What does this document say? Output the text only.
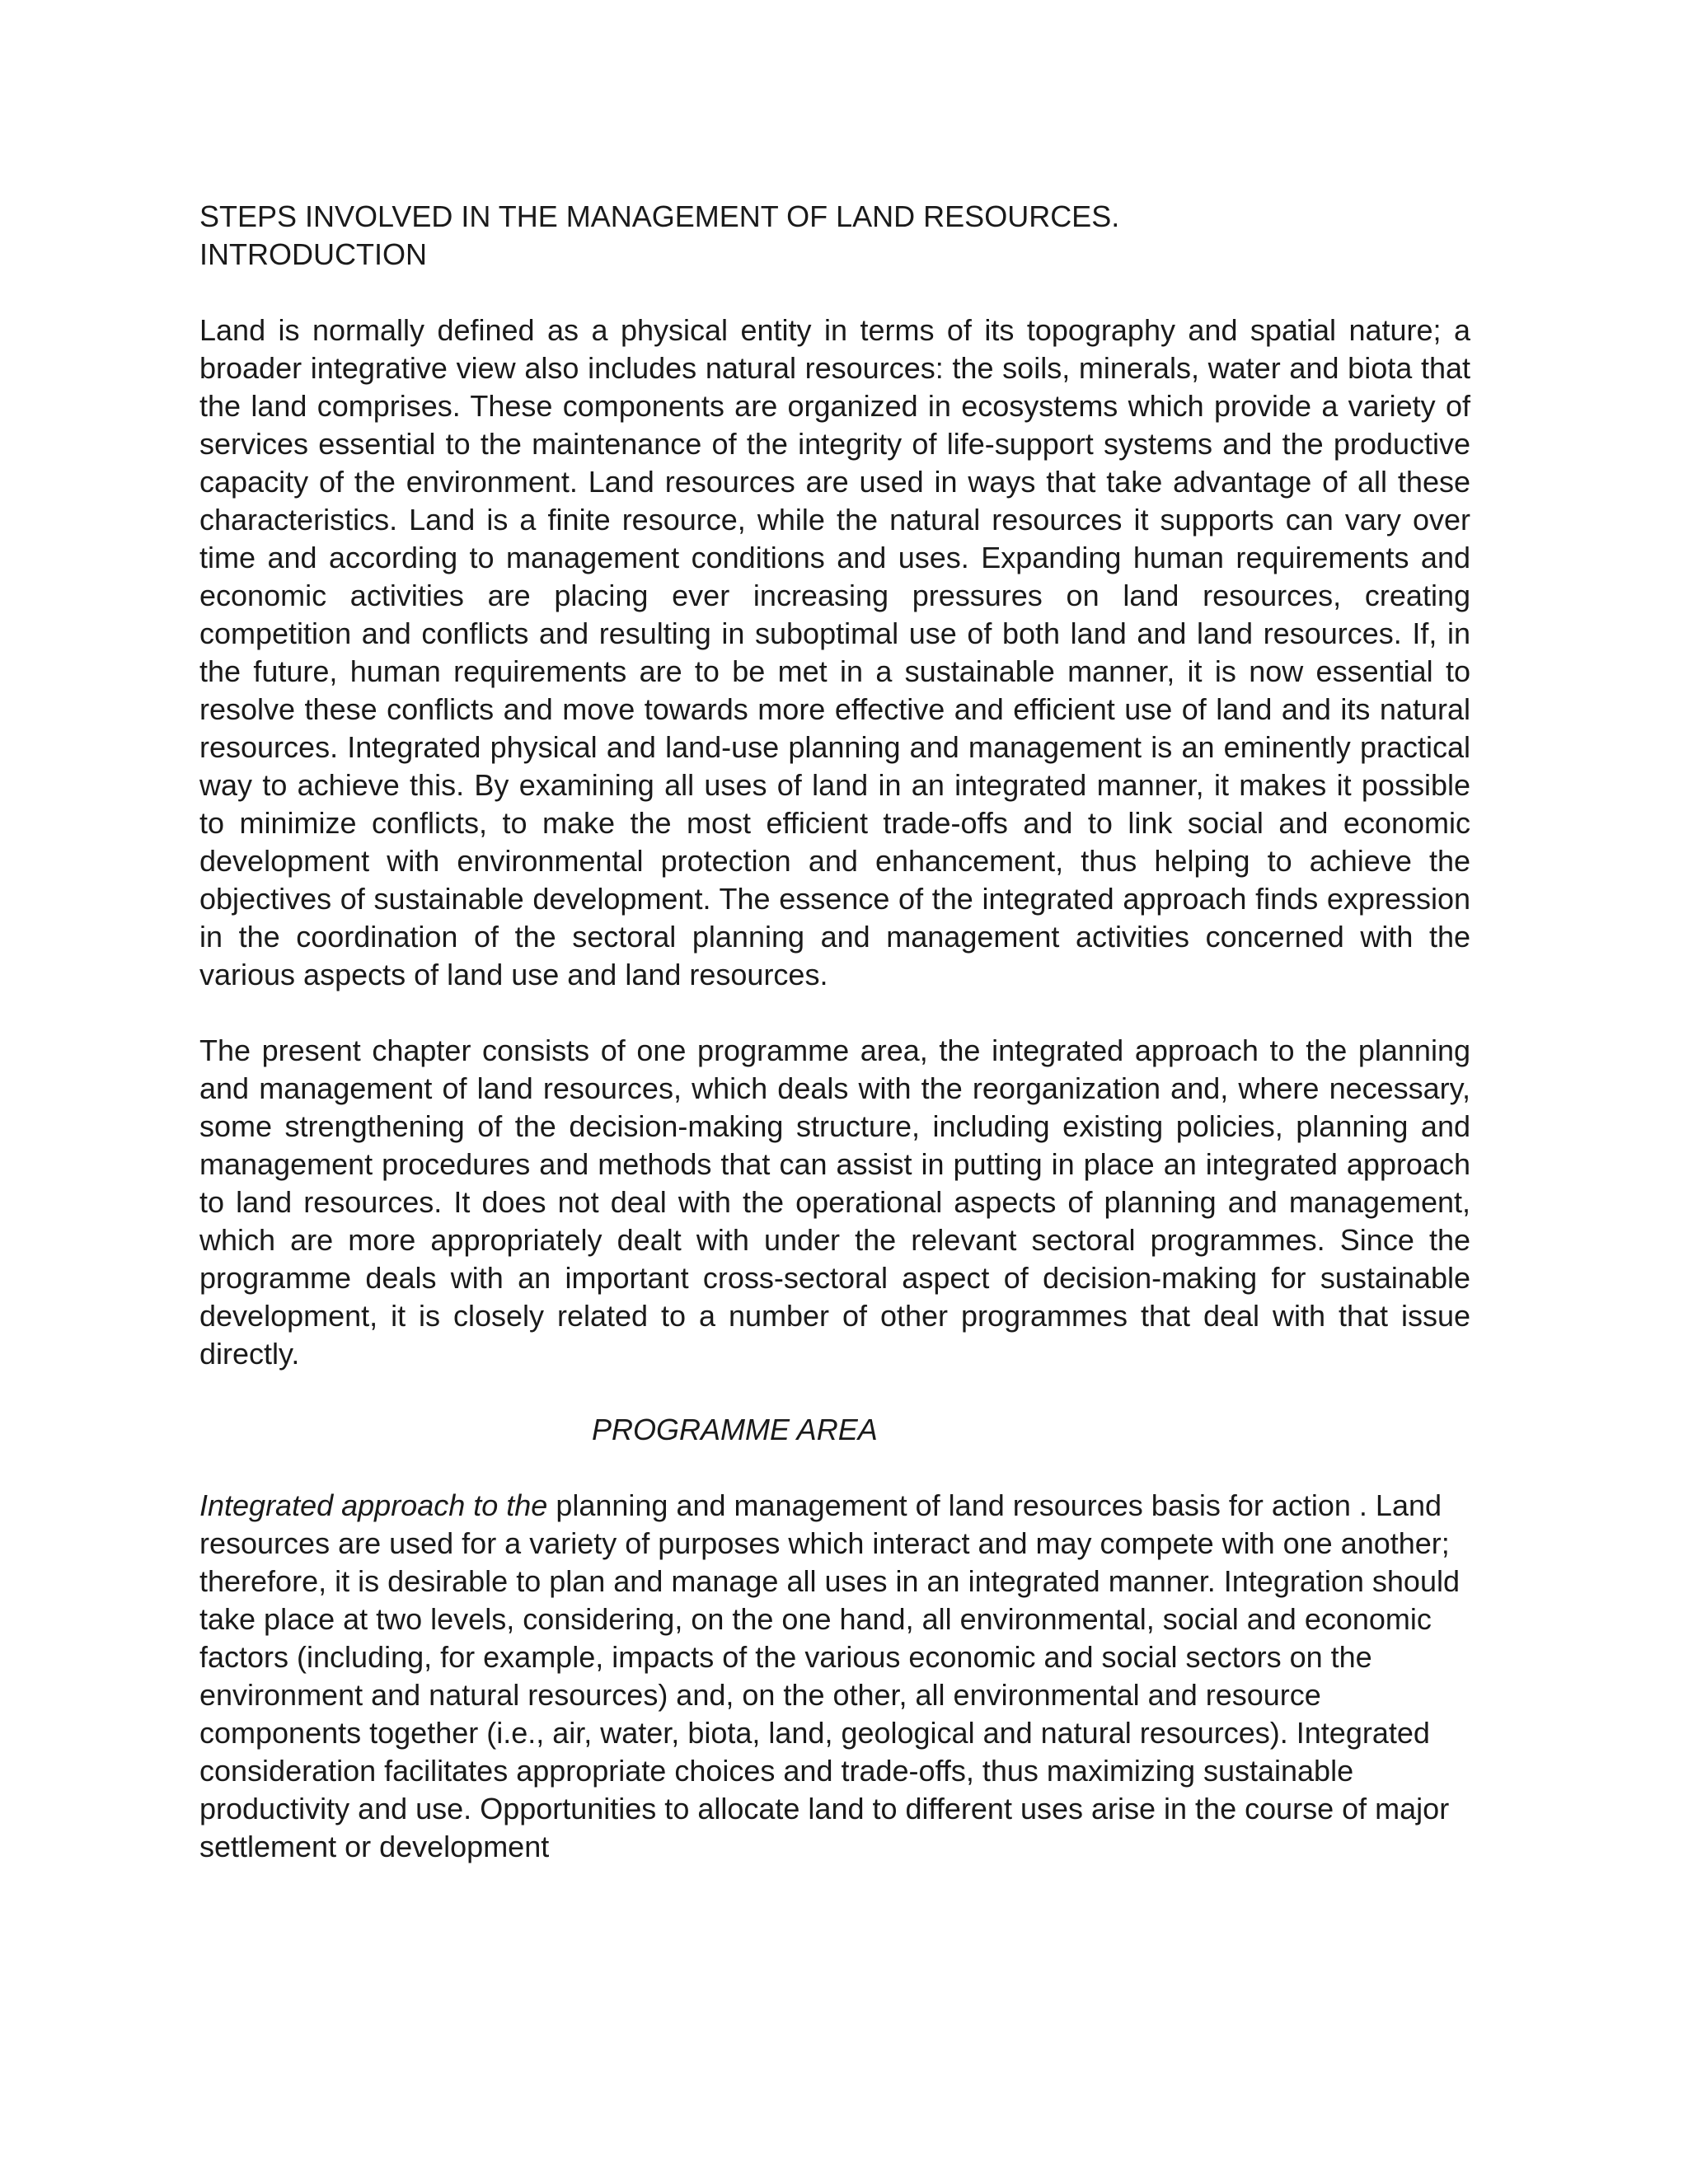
STEPS INVOLVED IN THE MANAGEMENT OF LAND RESOURCES.
INTRODUCTION

Land is normally defined as a physical entity in terms of its topography and spatial nature; a broader integrative view also includes natural resources: the soils, minerals, water and biota that the land comprises. These components are organized in ecosystems which provide a variety of services essential to the maintenance of the integrity of life-support systems and the productive capacity of the environment. Land resources are used in ways that take advantage of all these characteristics. Land is a finite resource, while the natural resources it supports can vary over time and according to management conditions and uses. Expanding human requirements and economic activities are placing ever increasing pressures on land resources, creating competition and conflicts and resulting in suboptimal use of both land and land resources. If, in the future, human requirements are to be met in a sustainable manner, it is now essential to resolve these conflicts and move towards more effective and efficient use of land and its natural resources. Integrated physical and land-use planning and management is an eminently practical way to achieve this. By examining all uses of land in an integrated manner, it makes it possible to minimize conflicts, to make the most efficient trade-offs and to link social and economic development with environmental protection and enhancement, thus helping to achieve the objectives of sustainable development. The essence of the integrated approach finds expression in the coordination of the sectoral planning and management activities concerned with the various aspects of land use and land resources.

The present chapter consists of one programme area, the integrated approach to the planning and management of land resources, which deals with the reorganization and, where necessary, some strengthening of the decision-making structure, including existing policies, planning and management procedures and methods that can assist in putting in place an integrated approach to land resources. It does not deal with the operational aspects of planning and management, which are more appropriately dealt with under the relevant sectoral programmes. Since the programme deals with an important cross-sectoral aspect of decision-making for sustainable development, it is closely related to a number of other programmes that deal with that issue directly.

PROGRAMME AREA

Integrated approach to the planning and management of land resources basis for action . Land resources are used for a variety of purposes which interact and may compete with one another; therefore, it is desirable to plan and manage all uses in an integrated manner. Integration should take place at two levels, considering, on the one hand, all environmental, social and economic factors (including, for example, impacts of the various economic and social sectors on the environment and natural resources) and, on the other, all environmental and resource components together (i.e., air, water, biota, land, geological and natural resources). Integrated consideration facilitates appropriate choices and trade-offs, thus maximizing sustainable productivity and use. Opportunities to allocate land to different uses arise in the course of major settlement or development
